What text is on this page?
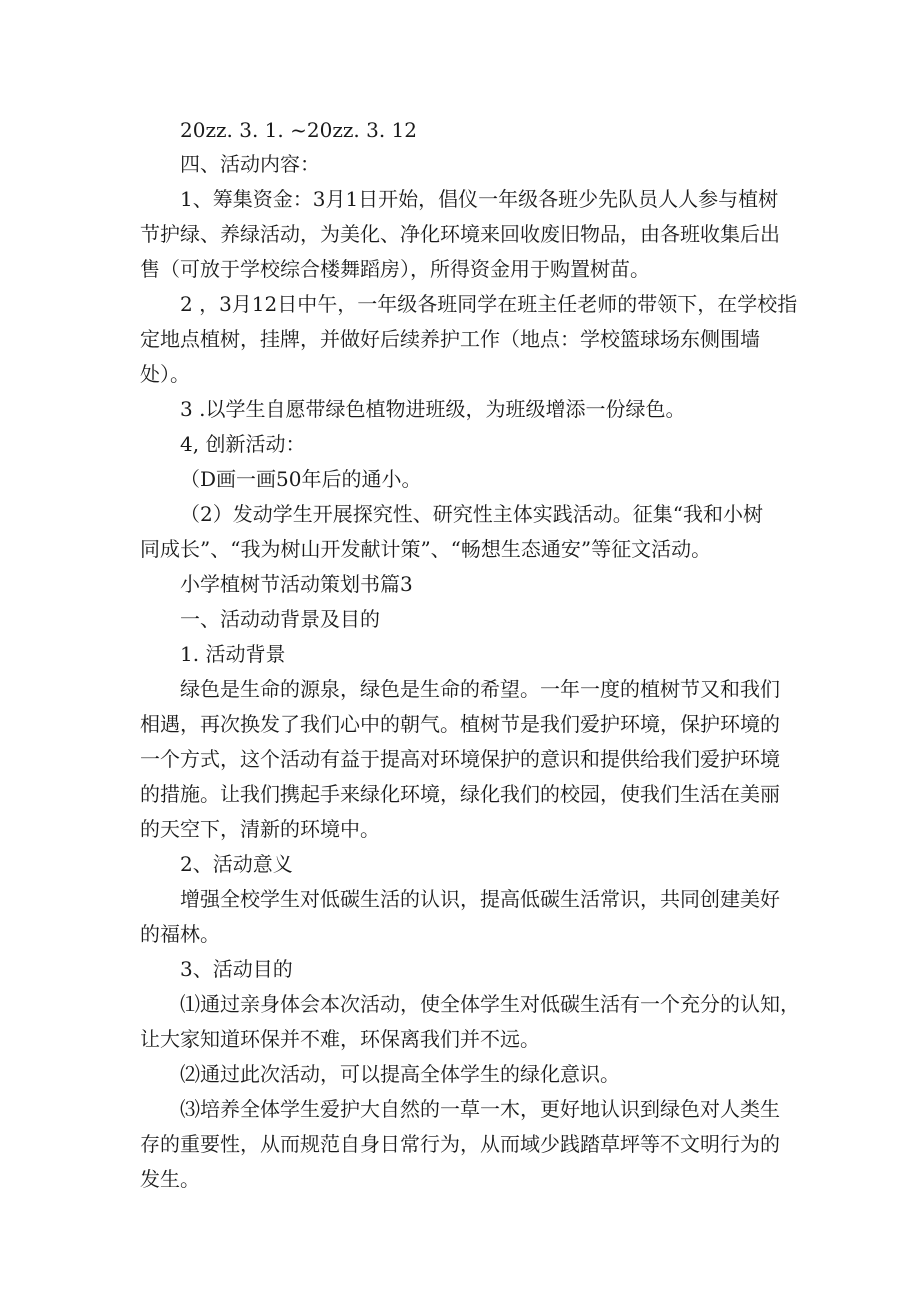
20zz. 3. 1. ~20zz. 3. 12
四、活动内容：
1、筹集资金：3月1日开始，倡仪一年级各班少先队员人人参与植树
节护绿、养绿活动，为美化、净化环境来回收废旧物品，由各班收集后出
售（可放于学校综合楼舞蹈房），所得资金用于购置树苗。
2 ，3月12日中午，一年级各班同学在班主任老师的带领下，在学校指
定地点植树，挂牌，并做好后续养护工作（地点：学校篮球场东侧围墙
处）。
3 .以学生自愿带绿色植物进班级，为班级增添一份绿色。
4, 创新活动：
（D画一画50年后的通小。
（2）发动学生开展探究性、研究性主体实践活动。征集“我和小树
同成长”、“我为树山开发献计策”、“畅想生态通安”等征文活动。
小学植树节活动策划书篇3
一、活动动背景及目的
1. 活动背景
绿色是生命的源泉，绿色是生命的希望。一年一度的植树节又和我们
相遇，再次换发了我们心中的朝气。植树节是我们爱护环境，保护环境的
一个方式，这个活动有益于提高对环境保护的意识和提供给我们爱护环境
的措施。让我们携起手来绿化环境，绿化我们的校园，使我们生活在美丽
的天空下，清新的环境中。
2、活动意义
增强全校学生对低碳生活的认识，提高低碳生活常识，共同创建美好
的福林。
3、活动目的
⑴通过亲身体会本次活动，使全体学生对低碳生活有一个充分的认知，
让大家知道环保并不难，环保离我们并不远。
⑵通过此次活动，可以提高全体学生的绿化意识。
⑶培养全体学生爱护大自然的一草一木，更好地认识到绿色对人类生
存的重要性，从而规范自身日常行为，从而域少践踏草坪等不文明行为的
发生。
